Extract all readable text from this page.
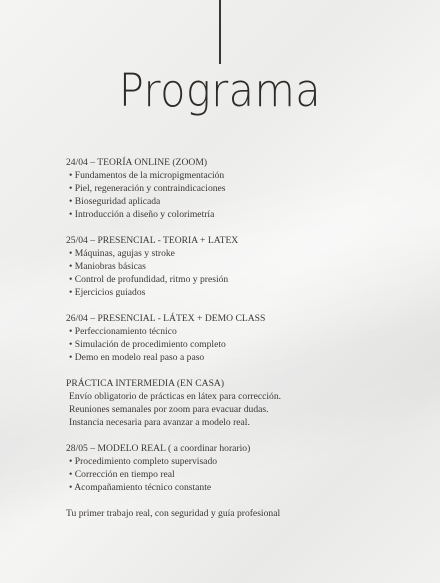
Programa
24/04 – TEORÍA ONLINE (ZOOM)
• Fundamentos de la micropigmentación
• Piel, regeneración y contraindicaciones
• Bioseguridad aplicada
• Introducción a diseño y colorimetría
25/04 – PRESENCIAL - TEORIA + LATEX
• Máquinas, agujas y stroke
• Maniobras básicas
• Control de profundidad, ritmo y presión
• Ejercicios guiados
26/04 – PRESENCIAL - LÁTEX + DEMO CLASS
• Perfeccionamiento técnico
• Simulación de procedimiento completo
• Demo en modelo real paso a paso
PRÁCTICA INTERMEDIA (EN CASA)
Envío obligatorio de prácticas en látex para corrección.
Reuniones semanales por zoom para evacuar dudas.
Instancia necesaria para avanzar a modelo real.
28/05 – MODELO REAL ( a coordinar horario)
• Procedimiento completo supervisado
• Corrección en tiempo real
• Acompañamiento técnico constante
Tu primer trabajo real, con seguridad y guía profesional
